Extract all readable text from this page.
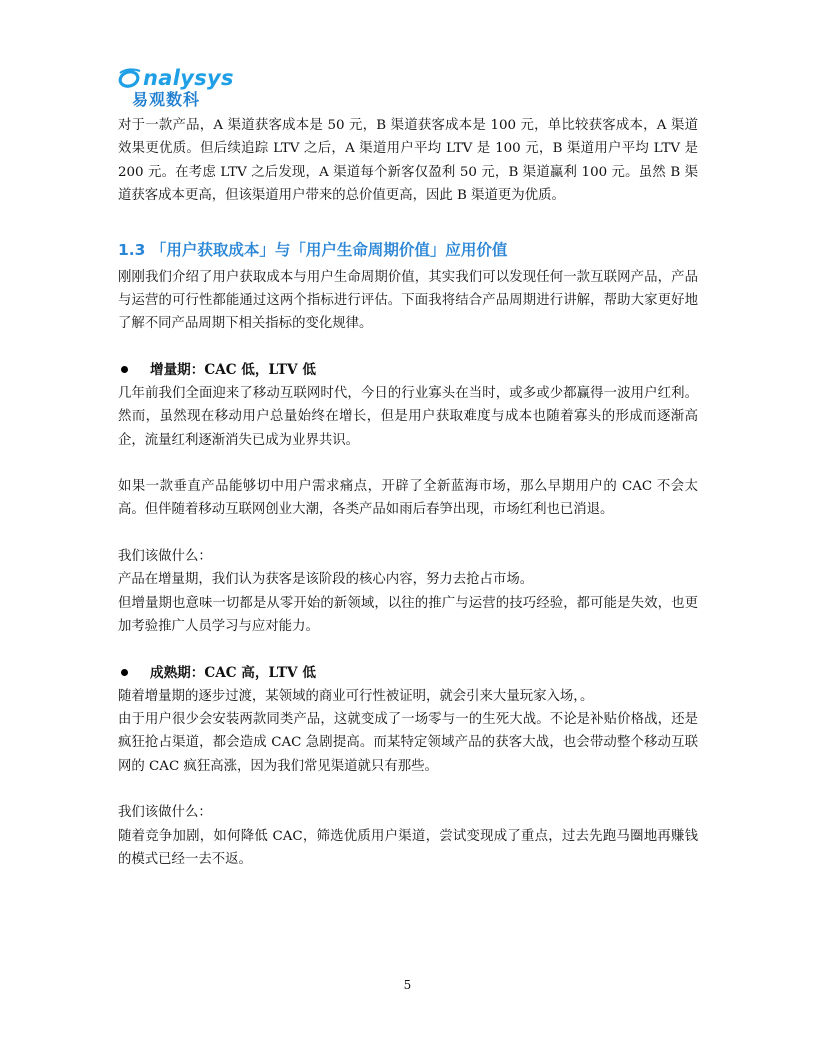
nalysys
易观数科

对于一款产品，A 渠道获客成本是 50 元，B 渠道获客成本是 100 元，单比较获客成本，A 渠道效果更优质。但后续追踪 LTV 之后，A 渠道用户平均 LTV 是 100 元，B 渠道用户平均 LTV 是 200 元。在考虑 LTV 之后发现，A 渠道每个新客仅盈利 50 元，B 渠道赢利 100 元。虽然 B 渠道获客成本更高，但该渠道用户带来的总价值更高，因此 B 渠道更为优质。

1.3 「用户获取成本」与「用户生命周期价值」应用价值

刚刚我们介绍了用户获取成本与用户生命周期价值，其实我们可以发现任何一款互联网产品，产品与运营的可行性都能通过这两个指标进行评估。下面我将结合产品周期进行讲解，帮助大家更好地了解不同产品周期下相关指标的变化规律。

增量期：CAC 低，LTV 低

几年前我们全面迎来了移动互联网时代，今日的行业寡头在当时，或多或少都赢得一波用户红利。然而，虽然现在移动用户总量始终在增长，但是用户获取难度与成本也随着寡头的形成而逐渐高企，流量红利逐渐消失已成为业界共识。

如果一款垂直产品能够切中用户需求痛点，开辟了全新蓝海市场，那么早期用户的 CAC 不会太高。但伴随着移动互联网创业大潮，各类产品如雨后春笋出现，市场红利也已消退。

我们该做什么：

产品在增量期，我们认为获客是该阶段的核心内容，努力去抢占市场。

但增量期也意味一切都是从零开始的新领域，以往的推广与运营的技巧经验，都可能是失效，也更加考验推广人员学习与应对能力。

成熟期：CAC 高，LTV 低

随着增量期的逐步过渡，某领域的商业可行性被证明，就会引来大量玩家入场，。

由于用户很少会安装两款同类产品，这就变成了一场零与一的生死大战。不论是补贴价格战，还是疯狂抢占渠道，都会造成 CAC 急剧提高。而某特定领域产品的获客大战，也会带动整个移动互联网的 CAC 疯狂高涨，因为我们常见渠道就只有那些。

我们该做什么：

随着竞争加剧，如何降低 CAC，筛选优质用户渠道，尝试变现成了重点，过去先跑马圈地再赚钱的模式已经一去不返。

5
